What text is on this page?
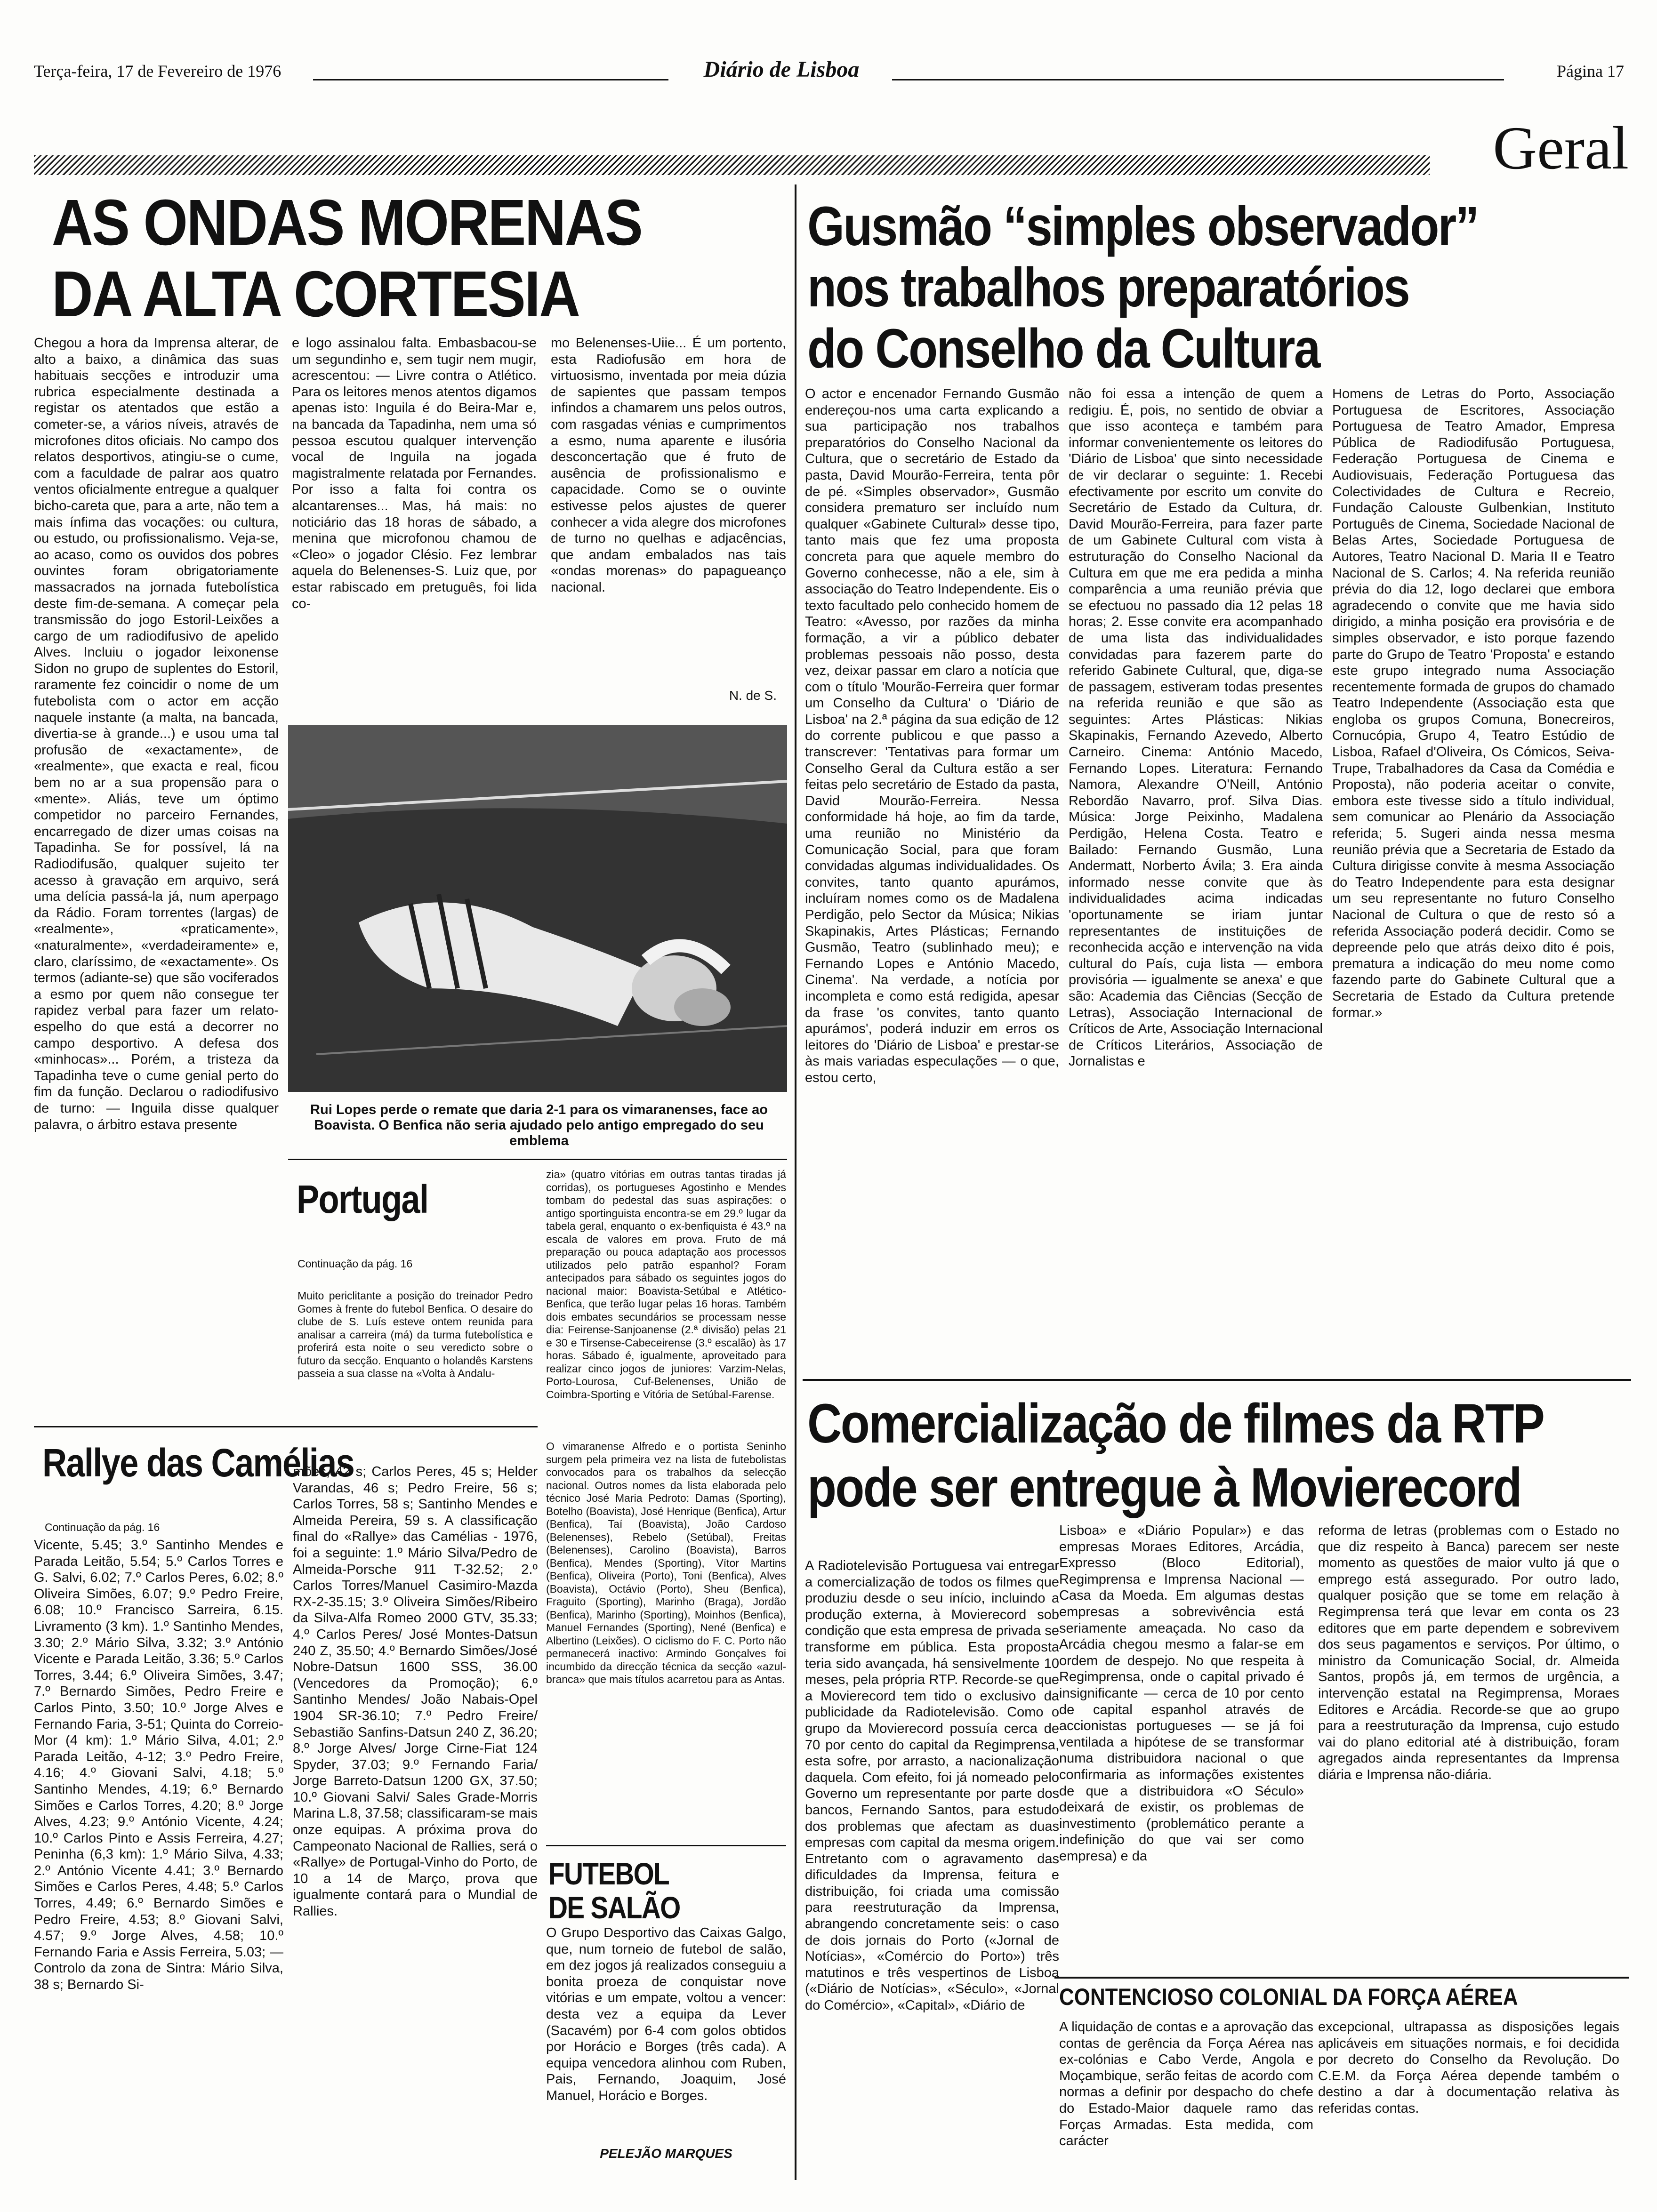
Terça-feira, 17 de Fevereiro de 1976	Diário de Lisboa	Página 17
Geral
AS ONDAS MORENAS
DA ALTA CORTESIA
Chegou a hora da Imprensa alterar, de alto a baixo, a dinâmica das suas habituais secções e introduzir uma rubrica especialmente destinada a registar os atentados que estão a cometer-se, a vários níveis, através de microfones ditos oficiais. No campo dos relatos desportivos, atingiu-se o cume, com a faculdade de palrar aos quatro ventos oficialmente entregue a qualquer bicho-careta que, para a arte, não tem a mais ínfima das vocações: ou cultura, ou estudo, ou profissionalismo. Veja-se, ao acaso, como os ouvidos dos pobres ouvintes foram obrigatoriamente massacrados na jornada futebolística deste fim-de-semana. A começar pela transmissão do jogo Estoril-Leixões a cargo de um radiodifusivo de apelido Alves. Incluiu o jogador leixonense Sidon no grupo de suplentes do Estoril, raramente fez coincidir o nome de um futebolista com o actor em acção naquele instante (a malta, na bancada, divertia-se à grande...) e usou uma tal profusão de «exactamente», de «realmente», que exacta e real, ficou bem no ar a sua propensão para o «mente». Aliás, teve um óptimo competidor no parceiro Fernandes, encarregado de dizer umas coisas na Tapadinha. Se for possível, lá na Radiodifusão, qualquer sujeito ter acesso à gravação em arquivo, será uma delícia passá-la já, num aperpago da Rádio. Foram torrentes (largas) de «realmente», «praticamente», «naturalmente», «verdadeiramente» e, claro, claríssimo, de «exactamente». Os termos (adiante-se) que são vociferados a esmo por quem não consegue ter rapidez verbal para fazer um relato-espelho do que está a decorrer no campo desportivo. A defesa dos «minhocas»... Porém, a tristeza da Tapadinha teve o cume genial perto do fim da função. Declarou o radiodifusivo de turno: — Inguila disse qualquer palavra, o árbitro estava presente
e logo assinalou falta. Embasbacou-se um segundinho e, sem tugir nem mugir, acrescentou: — Livre contra o Atlético. Para os leitores menos atentos digamos apenas isto: Inguila é do Beira-Mar e, na bancada da Tapadinha, nem uma só pessoa escutou qualquer intervenção vocal de Inguila na jogada magistralmente relatada por Fernandes. Por isso a falta foi contra os alcantarenses... Mas, há mais: no noticiário das 18 horas de sábado, a menina que microfonou chamou de «Cleo» o jogador Clésio. Fez lembrar aquela do Belenenses-S. Luiz que, por estar rabiscado em pretuguês, foi lida co-
mo Belenenses-Uiie... É um portento, esta Radiofusão em hora de virtuosismo, inventada por meia dúzia de sapientes que passam tempos infindos a chamarem uns pelos outros, com rasgadas vénias e cumprimentos a esmo, numa aparente e ilusória desconcertação que é fruto de ausência de profissionalismo e capacidade. Como se o ouvinte estivesse pelos ajustes de querer conhecer a vida alegre dos microfones de turno no quelhas e adjacências, que andam embalados nas tais «ondas morenas» do papagueanço nacional.
N. de S.
Rui Lopes perde o remate que daria 2-1 para os vimaranenses, face ao Boavista. O Benfica não seria ajudado pelo antigo empregado do seu emblema
Portugal
Continuação da pág. 16
Muito periclitante a posição do treinador Pedro Gomes à frente do futebol Benfica. O desaire do clube de S. Luís esteve ontem reunida para analisar a carreira (má) da turma futebolística e proferirá esta noite o seu veredicto sobre o futuro da secção. Enquanto o holandês Karstens passeia a sua classe na «Volta à Andalu-
zia» (quatro vitórias em outras tantas tiradas já corridas), os portugueses Agostinho e Mendes tombam do pedestal das suas aspirações: o antigo sportinguista encontra-se em 29.º lugar da tabela geral, enquanto o ex-benfiquista é 43.º na escala de valores em prova. Fruto de má preparação ou pouca adaptação aos processos utilizados pelo patrão espanhol? Foram antecipados para sábado os seguintes jogos do nacional maior: Boavista-Setúbal e Atlético-Benfica, que terão lugar pelas 16 horas. Também dois embates secundários se processam nesse dia: Feirense-Sanjoanense (2.ª divisão) pelas 21 e 30 e Tirsense-Cabeceirense (3.º escalão) às 17 horas. Sábado é, igualmente, aproveitado para realizar cinco jogos de juniores: Varzim-Nelas, Porto-Lourosa, Cuf-Belenenses, União de Coimbra-Sporting e Vitória de Setúbal-Farense.
Rallye das Camélias
Continuação da pág. 16
Vicente, 5.45; 3.º Santinho Mendes e Parada Leitão, 5.54; 5.º Carlos Torres e G. Salvi, 6.02; 7.º Carlos Peres, 6.02; 8.º Oliveira Simões, 6.07; 9.º Pedro Freire, 6.08; 10.º Francisco Sarreira, 6.15. Livramento (3 km). 1.º Santinho Mendes, 3.30; 2.º Mário Silva, 3.32; 3.º António Vicente e Parada Leitão, 3.36; 5.º Carlos Torres, 3.44; 6.º Oliveira Simões, 3.47; 7.º Bernardo Simões, Pedro Freire e Carlos Pinto, 3.50; 10.º Jorge Alves e Fernando Faria, 3-51; Quinta do Correio-Mor (4 km): 1.º Mário Silva, 4.01; 2.º Parada Leitão, 4-12; 3.º Pedro Freire, 4.16; 4.º Giovani Salvi, 4.18; 5.º Santinho Mendes, 4.19; 6.º Bernardo Simões e Carlos Torres, 4.20; 8.º Jorge Alves, 4.23; 9.º António Vicente, 4.24; 10.º Carlos Pinto e Assis Ferreira, 4.27; Peninha (6,3 km): 1.º Mário Silva, 4.33; 2.º António Vicente 4.41; 3.º Bernardo Simões e Carlos Peres, 4.48; 5.º Carlos Torres, 4.49; 6.º Bernardo Simões e Pedro Freire, 4.53; 8.º Giovani Salvi, 4.57; 9.º Jorge Alves, 4.58; 10.º Fernando Faria e Assis Ferreira, 5.03; — Controlo da zona de Sintra: Mário Silva, 38 s; Bernardo Si-
mões, 42 s; Carlos Peres, 45 s; Helder Varandas, 46 s; Pedro Freire, 56 s; Carlos Torres, 58 s; Santinho Mendes e Almeida Pereira, 59 s. A classificação final do «Rallye» das Camélias - 1976, foi a seguinte: 1.º Mário Silva/Pedro de Almeida-Porsche 911 T-32.52; 2.º Carlos Torres/Manuel Casimiro-Mazda RX-2-35.15; 3.º Oliveira Simões/Ribeiro da Silva-Alfa Romeo 2000 GTV, 35.33; 4.º Carlos Peres/ José Montes-Datsun 240 Z, 35.50; 4.º Bernardo Simões/José Nobre-Datsun 1600 SSS, 36.00 (Vencedores da Promoção); 6.º Santinho Mendes/ João Nabais-Opel 1904 SR-36.10; 7.º Pedro Freire/ Sebastião Sanfins-Datsun 240 Z, 36.20; 8.º Jorge Alves/ Jorge Cirne-Fiat 124 Spyder, 37.03; 9.º Fernando Faria/ Jorge Barreto-Datsun 1200 GX, 37.50; 10.º Giovani Salvi/ Sales Grade-Morris Marina L.8, 37.58; classificaram-se mais onze equipas. A próxima prova do Campeonato Nacional de Rallies, será o «Rallye» de Portugal-Vinho do Porto, de 10 a 14 de Março, prova que igualmente contará para o Mundial de Rallies.
O vimaranense Alfredo e o portista Seninho surgem pela primeira vez na lista de futebolistas convocados para os trabalhos da selecção nacional. Outros nomes da lista elaborada pelo técnico José Maria Pedroto: Damas (Sporting), Botelho (Boavista), José Henrique (Benfica), Artur (Benfica), Taí (Boavista), João Cardoso (Belenenses), Rebelo (Setúbal), Freitas (Belenenses), Carolino (Boavista), Barros (Benfica), Mendes (Sporting), Vítor Martins (Benfica), Oliveira (Porto), Toni (Benfica), Alves (Boavista), Octávio (Porto), Sheu (Benfica), Fraguito (Sporting), Marinho (Braga), Jordão (Benfica), Marinho (Sporting), Moinhos (Benfica), Manuel Fernandes (Sporting), Nené (Benfica) e Albertino (Leixões). O ciclismo do F. C. Porto não permanecerá inactivo: Armindo Gonçalves foi incumbido da direcção técnica da secção «azul-branca» que mais títulos acarretou para as Antas.
FUTEBOL
DE SALÃO
O Grupo Desportivo das Caixas Galgo, que, num torneio de futebol de salão, em dez jogos já realizados conseguiu a bonita proeza de conquistar nove vitórias e um empate, voltou a vencer: desta vez a equipa da Lever (Sacavém) por 6-4 com golos obtidos por Horácio e Borges (três cada). A equipa vencedora alinhou com Ruben, Pais, Fernando, Joaquim, José Manuel, Horácio e Borges.
PELEJÃO MARQUES
Gusmão “simples observador”
nos trabalhos preparatórios
do Conselho da Cultura
O actor e encenador Fernando Gusmão endereçou-nos uma carta explicando a sua participação nos trabalhos preparatórios do Conselho Nacional da Cultura, que o secretário de Estado da pasta, David Mourão-Ferreira, tenta pôr de pé. «Simples observador», Gusmão considera prematuro ser incluído num qualquer «Gabinete Cultural» desse tipo, tanto mais que fez uma proposta concreta para que aquele membro do Governo conhecesse, não a ele, sim à associação do Teatro Independente. Eis o texto facultado pelo conhecido homem de Teatro: «Avesso, por razões da minha formação, a vir a público debater problemas pessoais não posso, desta vez, deixar passar em claro a notícia que com o título 'Mourão-Ferreira quer formar um Conselho da Cultura' o 'Diário de Lisboa' na 2.ª página da sua edição de 12 do corrente publicou e que passo a transcrever: 'Tentativas para formar um Conselho Geral da Cultura estão a ser feitas pelo secretário de Estado da pasta, David Mourão-Ferreira. Nessa conformidade há hoje, ao fim da tarde, uma reunião no Ministério da Comunicação Social, para que foram convidadas algumas individualidades. Os convites, tanto quanto apurámos, incluíram nomes como os de Madalena Perdigão, pelo Sector da Música; Nikias Skapinakis, Artes Plásticas; Fernando Gusmão, Teatro (sublinhado meu); e Fernando Lopes e António Macedo, Cinema'. Na verdade, a notícia por incompleta e como está redigida, apesar da frase 'os convites, tanto quanto apurámos', poderá induzir em erros os leitores do 'Diário de Lisboa' e prestar-se às mais variadas especulações — o que, estou certo,
não foi essa a intenção de quem a redigiu. É, pois, no sentido de obviar a que isso aconteça e também para informar convenientemente os leitores do 'Diário de Lisboa' que sinto necessidade de vir declarar o seguinte: 1. Recebi efectivamente por escrito um convite do Secretário de Estado da Cultura, dr. David Mourão-Ferreira, para fazer parte de um Gabinete Cultural com vista à estruturação do Conselho Nacional da Cultura em que me era pedida a minha comparência a uma reunião prévia que se efectuou no passado dia 12 pelas 18 horas; 2. Esse convite era acompanhado de uma lista das individualidades convidadas para fazerem parte do referido Gabinete Cultural, que, diga-se de passagem, estiveram todas presentes na referida reunião e que são as seguintes: Artes Plásticas: Nikias Skapinakis, Fernando Azevedo, Alberto Carneiro. Cinema: António Macedo, Fernando Lopes. Literatura: Fernando Namora, Alexandre O'Neill, António Rebordão Navarro, prof. Silva Dias. Música: Jorge Peixinho, Madalena Perdigão, Helena Costa. Teatro e Bailado: Fernando Gusmão, Luna Andermatt, Norberto Ávila; 3. Era ainda informado nesse convite que às individualidades acima indicadas 'oportunamente se iriam juntar representantes de instituições de reconhecida acção e intervenção na vida cultural do País, cuja lista — embora provisória — igualmente se anexa' e que são: Academia das Ciências (Secção de Letras), Associação Internacional de Críticos de Arte, Associação Internacional de Críticos Literários, Associação de Jornalistas e
Homens de Letras do Porto, Associação Portuguesa de Escritores, Associação Portuguesa de Teatro Amador, Empresa Pública de Radiodifusão Portuguesa, Federação Portuguesa de Cinema e Audiovisuais, Federação Portuguesa das Colectividades de Cultura e Recreio, Fundação Calouste Gulbenkian, Instituto Português de Cinema, Sociedade Nacional de Belas Artes, Sociedade Portuguesa de Autores, Teatro Nacional D. Maria II e Teatro Nacional de S. Carlos; 4. Na referida reunião prévia do dia 12, logo declarei que embora agradecendo o convite que me havia sido dirigido, a minha posição era provisória e de simples observador, e isto porque fazendo parte do Grupo de Teatro 'Proposta' e estando este grupo integrado numa Associação recentemente formada de grupos do chamado Teatro Independente (Associação esta que engloba os grupos Comuna, Bonecreiros, Cornucópia, Grupo 4, Teatro Estúdio de Lisboa, Rafael d'Oliveira, Os Cómicos, Seiva-Trupe, Trabalhadores da Casa da Comédia e Proposta), não poderia aceitar o convite, embora este tivesse sido a título individual, sem comunicar ao Plenário da Associação referida; 5. Sugeri ainda nessa mesma reunião prévia que a Secretaria de Estado da Cultura dirigisse convite à mesma Associação do Teatro Independente para esta designar um seu representante no futuro Conselho Nacional de Cultura o que de resto só a referida Associação poderá decidir. Como se depreende pelo que atrás deixo dito é pois, prematura a indicação do meu nome como fazendo parte do Gabinete Cultural que a Secretaria de Estado da Cultura pretende formar.»
Comercialização de filmes da RTP
pode ser entregue à Movierecord
A Radiotelevisão Portuguesa vai entregar a comercialização de todos os filmes que produziu desde o seu início, incluindo a produção externa, à Movierecord sob condição que esta empresa de privada se transforme em pública. Esta proposta teria sido avançada, há sensivelmente 10 meses, pela própria RTP. Recorde-se que a Movierecord tem tido o exclusivo da publicidade da Radiotelevisão. Como o grupo da Movierecord possuía cerca de 70 por cento do capital da Regimprensa, esta sofre, por arrasto, a nacionalização daquela. Com efeito, foi já nomeado pelo Governo um representante por parte dos bancos, Fernando Santos, para estudo dos problemas que afectam as duas empresas com capital da mesma origem. Entretanto com o agravamento das dificuldades da Imprensa, feitura e distribuição, foi criada uma comissão para reestruturação da Imprensa, abrangendo concretamente seis: o caso de dois jornais do Porto («Jornal de Notícias», «Comércio do Porto») três matutinos e três vespertinos de Lisboa («Diário de Notícias», «Século», «Jornal do Comércio», «Capital», «Diário de
Lisboa» e «Diário Popular») e das empresas Moraes Editores, Arcádia, Expresso (Bloco Editorial), Regimprensa e Imprensa Nacional — Casa da Moeda. Em algumas destas empresas a sobrevivência está seriamente ameaçada. No caso da Arcádia chegou mesmo a falar-se em ordem de despejo. No que respeita à Regimprensa, onde o capital privado é insignificante — cerca de 10 por cento de capital espanhol através de accionistas portugueses — se já foi ventilada a hipótese de se transformar numa distribuidora nacional o que confirmaria as informações existentes de que a distribuidora «O Século» deixará de existir, os problemas de investimento (problemático perante a indefinição do que vai ser como empresa) e da
reforma de letras (problemas com o Estado no que diz respeito à Banca) parecem ser neste momento as questões de maior vulto já que o emprego está assegurado. Por outro lado, qualquer posição que se tome em relação à Regimprensa terá que levar em conta os 23 editores que em parte dependem e sobrevivem dos seus pagamentos e serviços. Por último, o ministro da Comunicação Social, dr. Almeida Santos, propôs já, em termos de urgência, a intervenção estatal na Regimprensa, Moraes Editores e Arcádia. Recorde-se que ao grupo para a reestruturação da Imprensa, cujo estudo vai do plano editorial até à distribuição, foram agregados ainda representantes da Imprensa diária e Imprensa não-diária.
CONTENCIOSO COLONIAL DA FORÇA AÉREA
A liquidação de contas e a aprovação das contas de gerência da Força Aérea nas ex-colónias e Cabo Verde, Angola e Moçambique, serão feitas de acordo com normas a definir por despacho do chefe do Estado-Maior daquele ramo das Forças Armadas. Esta medida, com carácter
excepcional, ultrapassa as disposições legais aplicáveis em situações normais, e foi decidida por decreto do Conselho da Revolução. Do C.E.M. da Força Aérea depende também o destino a dar à documentação relativa às referidas contas.
